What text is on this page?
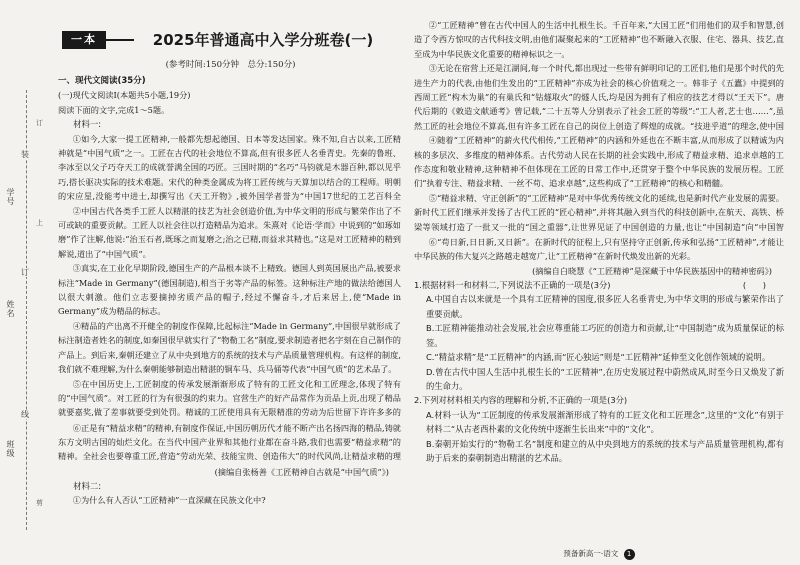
装
订
线
学号
姓名
班级
订
上
剪
一本	2025年普通高中入学分班卷(一)
(参考时间:150分钟　总分:150分)

一、现代文阅读(35分)

(一)现代文阅读Ⅰ(本题共5小题,19分)

阅读下面的文字,完成1～5题。

材料一:

①如今,大家一提工匠精神,一般都先想起德国、日本等发达国家。殊不知,自古以来,工匠精神就是“中国气质”之一。工匠在古代的社会地位不算高,但有很多匠人名垂青史。先秦的鲁班、李冰至以父子巧夺天工的成就誉满全国的巧匠。三国时期的“名巧”马钧就是木器百种,都以见乎巧,搭长驱决实际的技术难题。宋代的种类金属成为将工匠传统与天算加以结合的工程师。明朝的宋应星,没能考中进士,却撰写出《天工开物》,被外国学者誉为“中国17世纪的工艺百科全

②中国古代各类手工匠人以精湛的技艺为社会创造价值,为中华文明的形成与繁荣作出了不可或缺的重要贡献。工匠人以社会往以打造精品为追求。朱熹对《论语·学而》中说到的“如琢如磨”作了注解,他说:“治玉石者,既琢之而复磨之;治之已精,而益求其精也。”这是对工匠精神的精到解说,道出了“中国气质”。

③真实,在工业化早期阶段,德国生产的产品根本谈不上精致。德国人到英国展出产品,被要求标注“Made in Germany”(德国制造),相当于劣等产品的标签。这种标注产地的做法给德国人以很大刺激。他们立志要摘掉劣质产品的帽子,经过不懈奋斗,才后来居上,使“Made in Germany”成为精品的标志。

④精品的产出离不开健全的制度作保障,比起标注“Made in Germany”,中国很早就形成了标注制造者姓名的制度,如秦国很早就实行了“物勒工名”制度,要求制造者把名字刻在自己制作的产品上。到后来,秦朝还建立了从中央到地方的系统的技术与产品质量管理机构。有这样的制度,我们就不难理解,为什么秦朝能够制造出精湛的铜车马、兵马俑等代表“中国气质”的艺术品了。

⑤在中国历史上,工匠制度的传承发展渐渐形成了特有的工匠文化和工匠理念,体现了特有的“中国气质”。对工匠的行为有很强的约束力。官营生产的好产品常作为贡品上贡,出现了精品就要嘉奖,做了差事就要受到处罚。精诚的工匠使用具有无限精准的劳动为后世留下许许多多的

⑥正是有“精益求精”的精神,有制度作保证,中国历朝历代才能不断产出名扬四海的精品,铸就东方文明古国的灿烂文化。在当代中国产业界和其他行业都在奋斗路,我们也需要“精益求精”的精神。全社会也要尊重工匠,营造“劳动光荣、技能宝贵、创造伟大”的时代风尚,让精益求精的理

(摘编自张杨善《工匠精神自古就是“中国气质”》)

材料二:

①为什么有人否认“工匠精神”一直深藏在民族文化中?

②“工匠精神”曾在古代中国人的生活中扎根生长。千百年来,“大国工匠”们用他们的双手和智慧,创造了令西方惊叹的古代科技文明,由他们凝聚起来的“工匠精神”也不断融入衣服、住宅、器具、技艺,直至成为中华民族文化重要的精神标识之一。

③无论在宿营上还是江湖间,每一个时代,都出现过一些带有鲜明印记的工匠们,他们是那个时代的先进生产力的代表,由他们生发出的“工匠精神”亦成为社会的核心价值观之一。韩非子《五蠹》中提到的西周工匠“构木为巢”的有巢氏和“钻燧取火”的燧人氏,均是因为拥有了相应的技艺才得以“王天下”。唐代后期的《敕造文献通考》曾记载,“二十五等人分别表示了社会工匠的等级”:“工人者,艺士也……”,虽然工匠的社会地位不算高,但有许多工匠在自己的岗位上创造了辉煌的成就。“技进乎道”的理念,使中国

④随着“工匠精神”的薪火代代相传,“工匠精神”的内涵和外延也在不断丰富,从而形成了以精诚为内核的多层次、多维度的精神体系。古代劳动人民在长期的社会实践中,形成了精益求精、追求卓越的工作态度和敬业精神,这种精神不但体现在工匠的日常工作中,还贯穿于整个中华民族的发展历程。工匠们“执着专注、精益求精、一丝不苟、追求卓越”,这些构成了“工匠精神”的核心和精髓。

⑤“精益求精、守正创新”的“工匠精神”是对中华优秀传统文化的延续,也是新时代产业发展的需要。新时代工匠们继承并发扬了古代工匠的“匠心精神”,并将其融入到当代的科技创新中,在航天、高铁、桥梁等领域打造了一批又一批的“国之重器”,让世界见证了中国创造的力量,也让“中国制造”向“中国智

⑥“苟日新,日日新,又日新”。在新时代的征程上,只有坚持守正创新,传承和弘扬“工匠精神”,才能让中华民族的伟大复兴之路越走越宽广,让“工匠精神”在新时代焕发出新的光彩。

(摘编自白晓慧《“工匠精神”是深藏于中华民族基因中的精神密码》)

1.根据材料一和材料二,下列说法不正确的一项是(3分)	(　　)

A.中国自古以来就是一个具有工匠精神的国度,很多匠人名垂青史,为中华文明的形成与繁荣作出了重要贡献。

B.工匠精神能推动社会发展,社会应尊重能工巧匠的创造力和贡献,让“中国制造”成为质量保证的标签。

C.“精益求精”是“工匠精神”的内涵,而“匠心独运”则是“工匠精神”延伸至文化创作领域的说明。

D.曾在古代中国人生活中扎根生长的“工匠精神”,在历史发展过程中蔚然成风,时至今日又焕发了新的生命力。

2.下列对材料相关内容的理解和分析,不正确的一项是(3分)

A.材料一认为“工匠制度的传承发展渐渐形成了特有的工匠文化和工匠理念”,这里的“文化”有别于材料二“从古老西朴素的文化传统中逐渐生长出来”中的“文化”。

B.秦朝开始实行的“物勒工名”制度和建立的从中央到地方的系统的技术与产品质量管理机构,都有助于后来的秦朝制造出精湛的艺术品。

预备新高一·语文 1
